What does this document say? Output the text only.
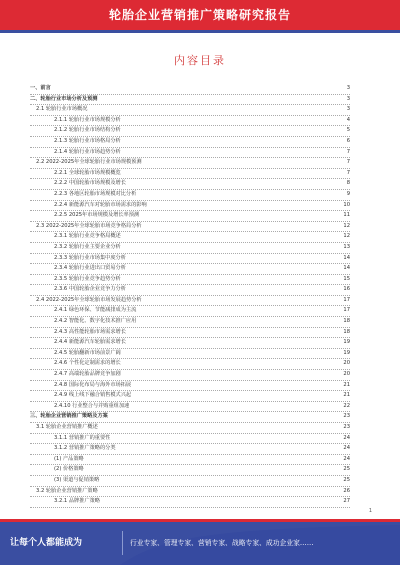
轮胎企业营销推广策略研究报告
内容目录
一、前言	3
二、轮胎行业市场分析及预测	3
2.1 轮胎行业市场概况	3
2.1.1 轮胎行业市场规模分析	4
2.1.2 轮胎行业市场结构分析	5
2.1.3 轮胎行业市场格局分析	6
2.1.4 轮胎行业市场趋势分析	7
2.2 2022-2025年全球轮胎行业市场规模预测	7
2.2.1 全球轮胎市场规模概览	7
2.2.2 中国轮胎市场规模及增长	8
2.2.3 各地区轮胎市场规模对比分析	9
2.2.4 新能源汽车对轮胎市场需求的影响	10
2.2.5 2025年市场规模及增长率预测	11
2.3 2022-2025年全球轮胎市场竞争格局分析	12
2.3.1 轮胎行业竞争格局概述	12
2.3.2 轮胎行业主要企业分析	13
2.3.3 轮胎行业市场集中度分析	14
2.3.4 轮胎行业进出口贸易分析	14
2.3.5 轮胎行业竞争趋势分析	15
2.3.6 中国轮胎企业竞争力分析	16
2.4 2022-2025年全球轮胎市场发展趋势分析	17
2.4.1 绿色环保、节能减排成为主流	17
2.4.2 智能化、数字化技术推广应用	18
2.4.3 高性能轮胎市场需求增长	18
2.4.4 新能源汽车轮胎需求增长	19
2.4.5 轮胎翻新市场前景广阔	19
2.4.6 个性化定制需求的增长	20
2.4.7 高端轮胎品牌竞争加剧	20
2.4.8 国际化布局与海外市场拓展	21
2.4.9 线上线下融合销售模式兴起	21
2.4.10 行业整合与并购重组加速	22
三、轮胎企业营销推广策略及方案	23
3.1 轮胎企业营销推广概述	23
3.1.1 营销推广的重要性	24
3.1.2 营销推广策略的分类	24
(1) 产品策略	24
(2) 价格策略	25
(3) 渠道与促销策略	25
3.2 轮胎企业营销推广策略	26
3.2.1 品牌推广策略	27
1
让每个人都能成为	行业专家、管理专家、营销专家、战略专家、成功企业家……
